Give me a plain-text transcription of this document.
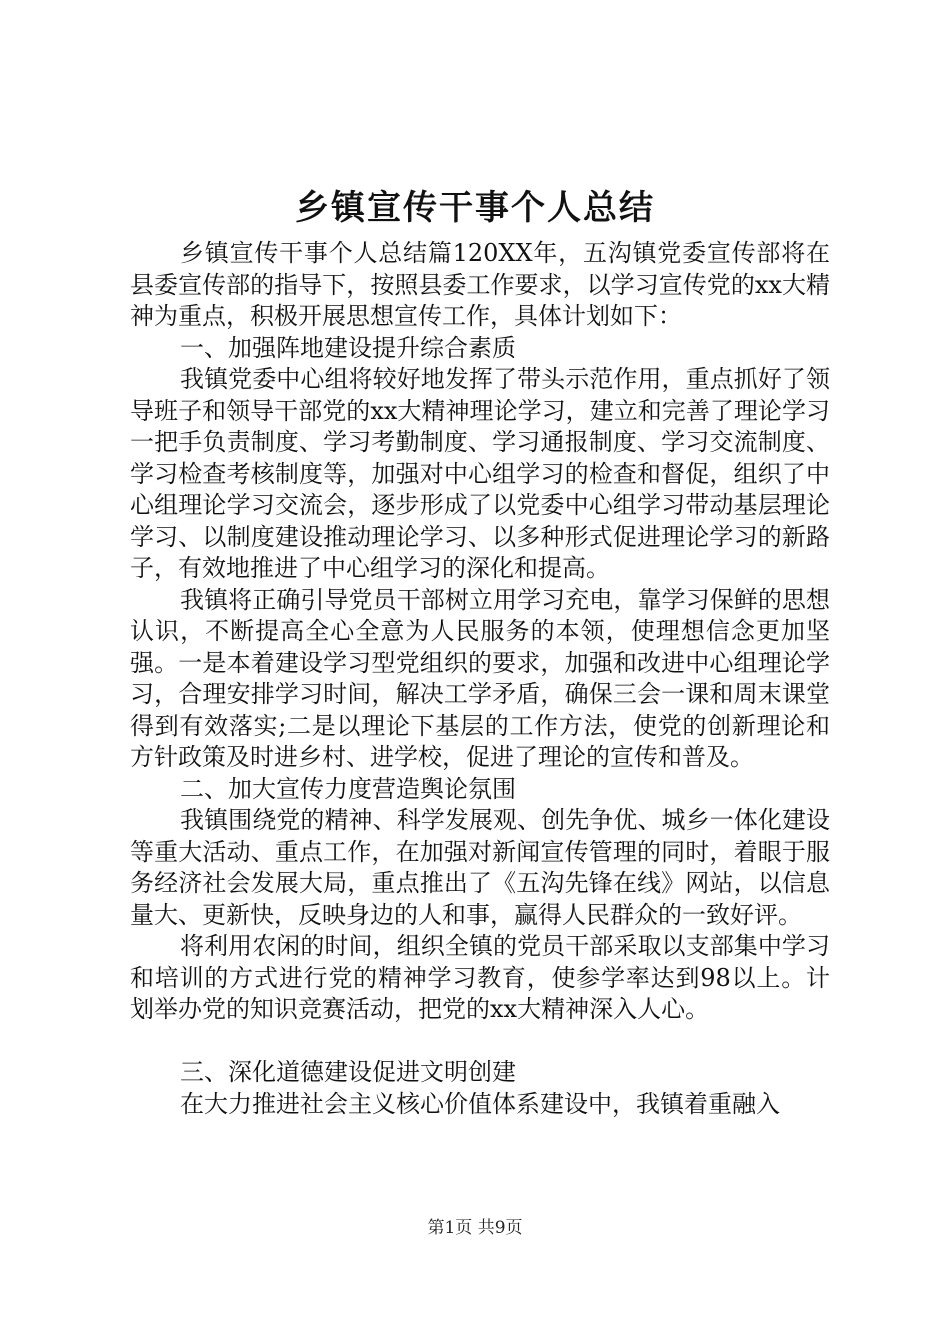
乡镇宣传干事个人总结

乡镇宣传干事个人总结篇120XX年，五沟镇党委宣传部将在县委宣传部的指导下，按照县委工作要求，以学习宣传党的xx大精神为重点，积极开展思想宣传工作，具体计划如下：

一、加强阵地建设提升综合素质

我镇党委中心组将较好地发挥了带头示范作用，重点抓好了领导班子和领导干部党的xx大精神理论学习，建立和完善了理论学习一把手负责制度、学习考勤制度、学习通报制度、学习交流制度、学习检查考核制度等，加强对中心组学习的检查和督促，组织了中心组理论学习交流会，逐步形成了以党委中心组学习带动基层理论学习、以制度建设推动理论学习、以多种形式促进理论学习的新路子，有效地推进了中心组学习的深化和提高。

我镇将正确引导党员干部树立用学习充电，靠学习保鲜的思想认识，不断提高全心全意为人民服务的本领，使理想信念更加坚强。一是本着建设学习型党组织的要求，加强和改进中心组理论学习，合理安排学习时间，解决工学矛盾，确保三会一课和周末课堂得到有效落实;二是以理论下基层的工作方法，使党的创新理论和方针政策及时进乡村、进学校，促进了理论的宣传和普及。

二、加大宣传力度营造舆论氛围

我镇围绕党的精神、科学发展观、创先争优、城乡一体化建设等重大活动、重点工作，在加强对新闻宣传管理的同时，着眼于服务经济社会发展大局，重点推出了《五沟先锋在线》网站，以信息量大、更新快，反映身边的人和事，赢得人民群众的一致好评。

将利用农闲的时间，组织全镇的党员干部采取以支部集中学习和培训的方式进行党的精神学习教育，使参学率达到98以上。计划举办党的知识竞赛活动，把党的xx大精神深入人心。

三、深化道德建设促进文明创建

在大力推进社会主义核心价值体系建设中，我镇着重融入

第1页 共9页
